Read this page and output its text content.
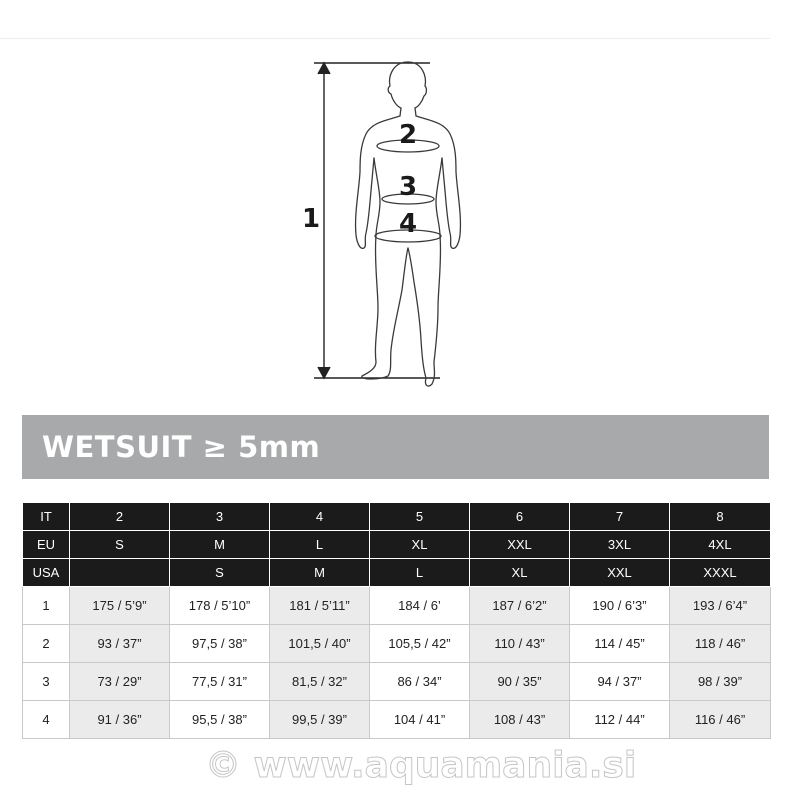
1
2
3
4
WETSUIT ≥ 5mm
IT	2	3	4	5	6	7	8
EU	S	M	L	XL	XXL	3XL	4XL
USA		S	M	L	XL	XXL	XXXL
1	175 / 5’9”	178 / 5’10”	181 / 5’11”	184 / 6’	187 / 6’2”	190 / 6’3”	193 / 6’4”
2	93 / 37”	97,5 / 38”	101,5 / 40”	105,5 / 42”	110 / 43”	114 / 45”	118 / 46”
3	73 / 29”	77,5 / 31”	81,5 / 32”	86 / 34”	90 / 35”	94 / 37”	98 / 39”
4	91 / 36”	95,5 / 38”	99,5 / 39”	104 / 41”	108 / 43”	112 / 44”	116 / 46”
© www.aquamania.si
